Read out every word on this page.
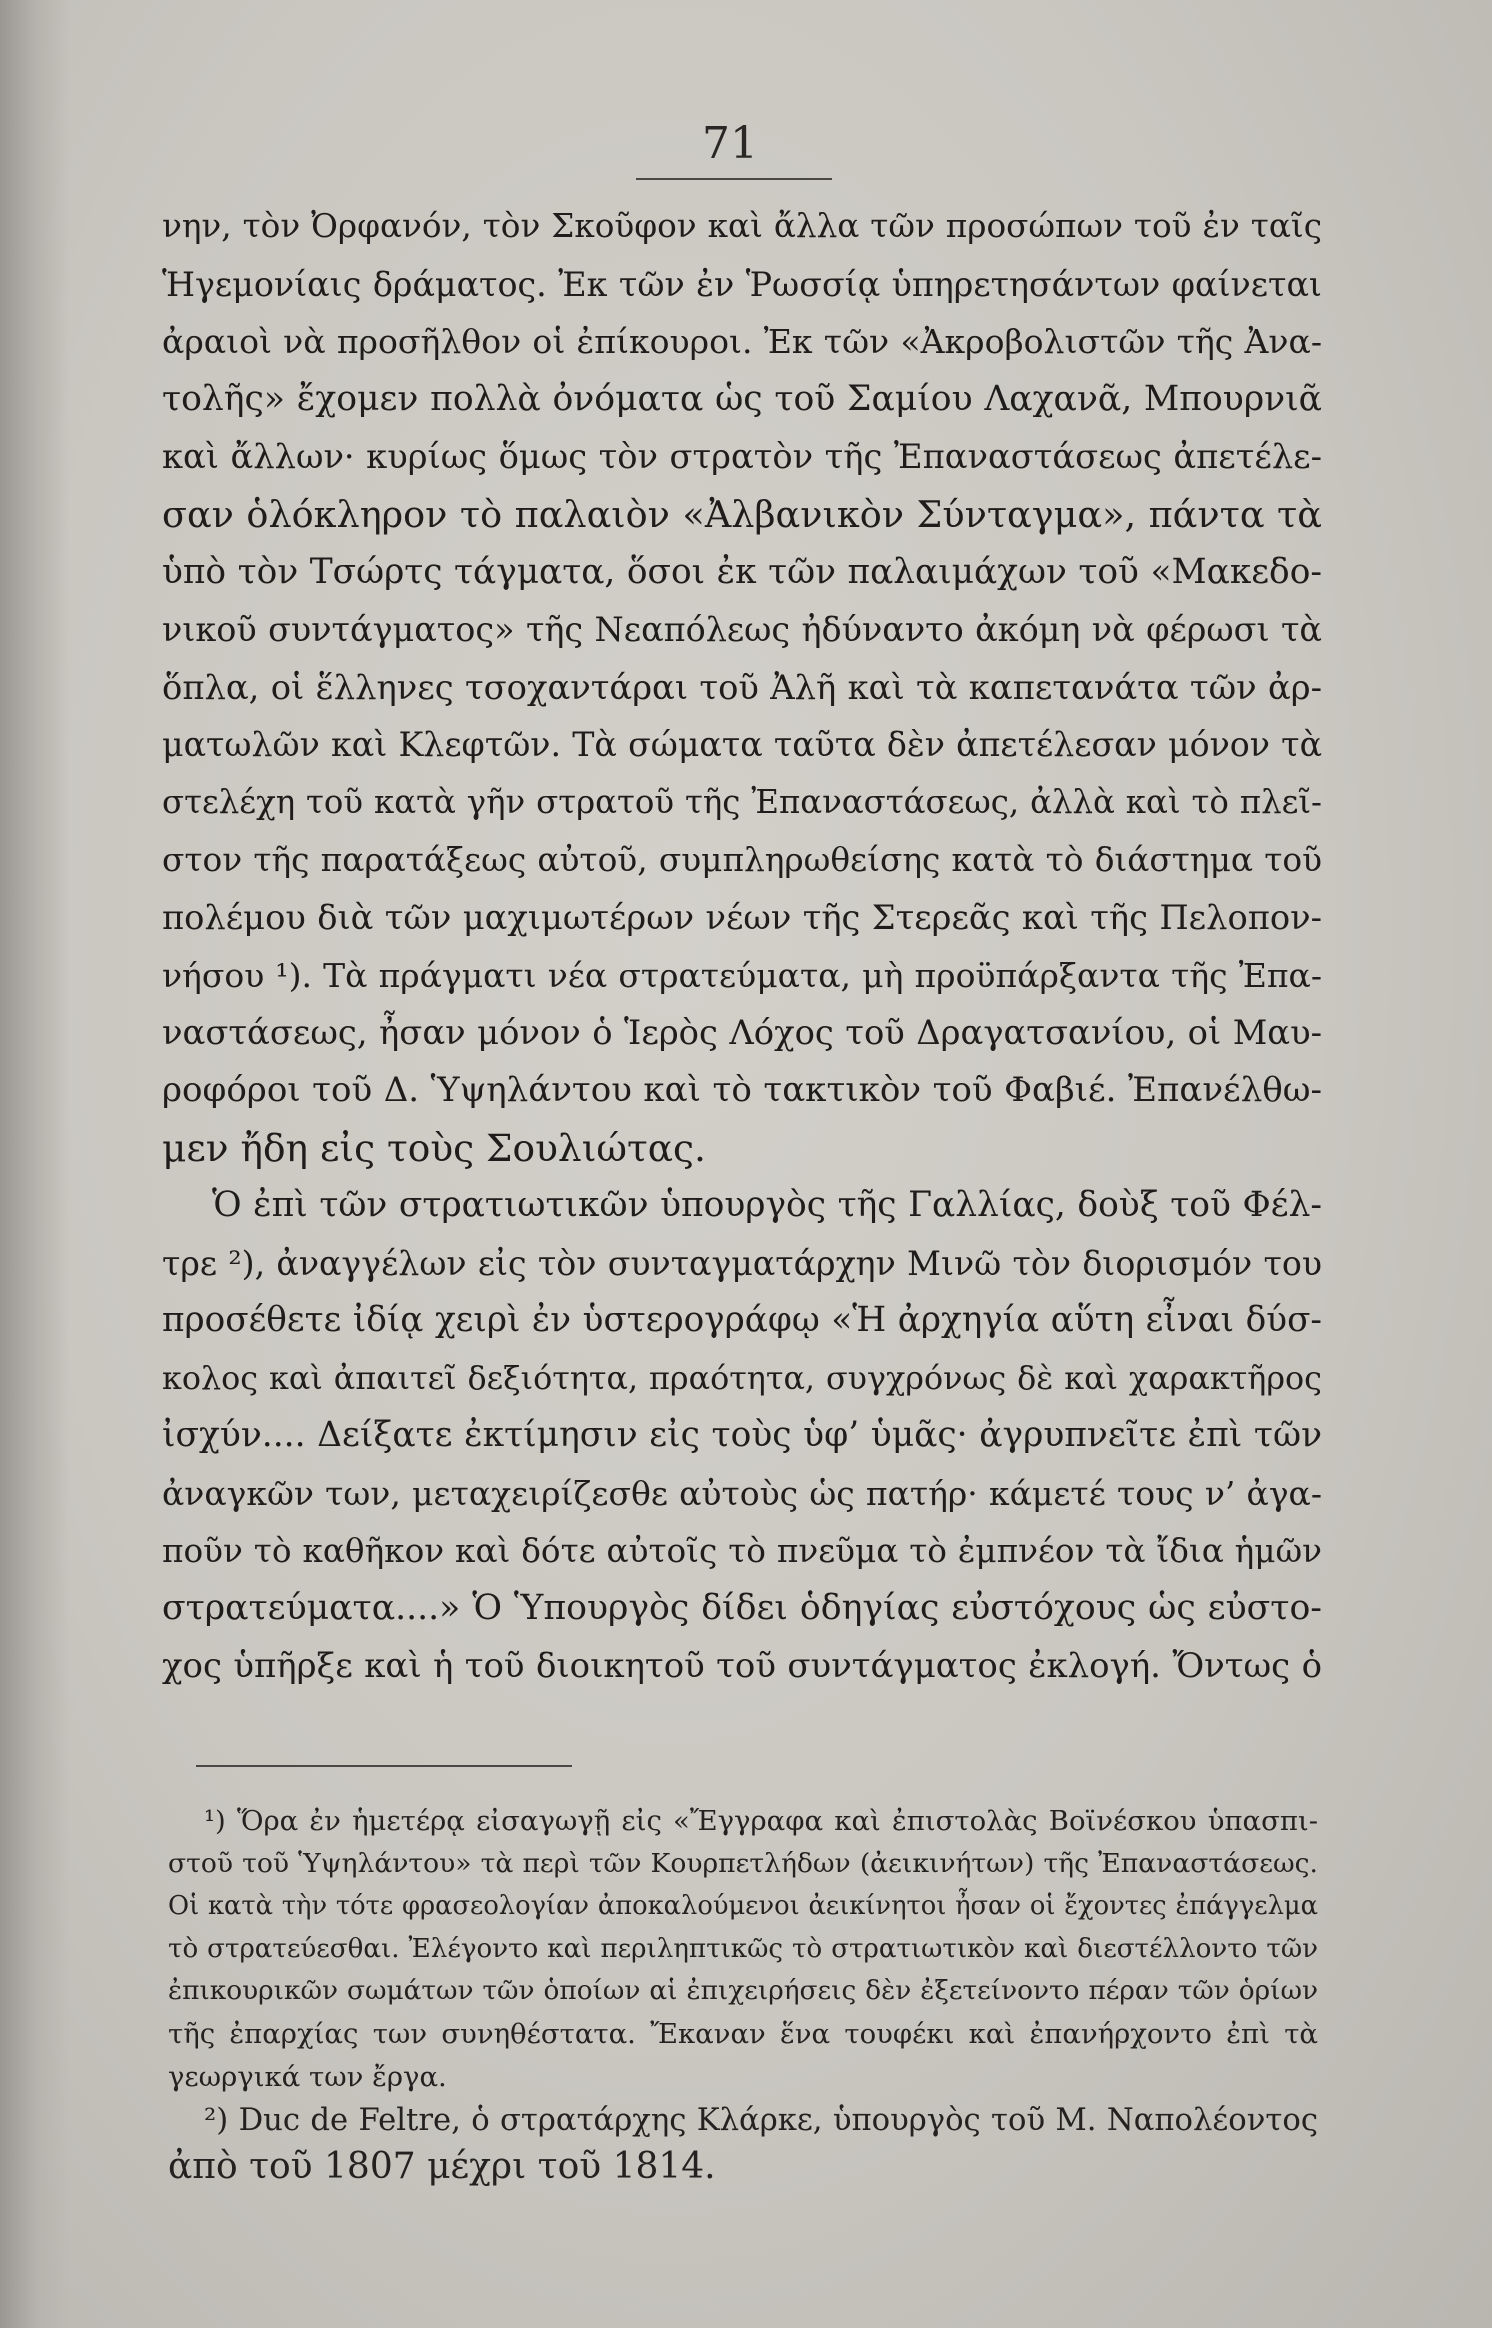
71
νην, τὸν Ὀρφανόν, τὸν Σκοῦφον καὶ ἄλλα τῶν προσώπων τοῦ ἐν ταῖς
Ἡγεμονίαις δράματος. Ἐκ τῶν ἐν Ῥωσσίᾳ ὑπηρετησάντων φαίνεται
ἀραιοὶ νὰ προσῆλθον οἱ ἐπίκουροι. Ἐκ τῶν «Ἀκροβολιστῶν τῆς Ἀνα-
τολῆς» ἔχομεν πολλὰ ὀνόματα ὡς τοῦ Σαμίου Λαχανᾶ, Μπουρνιᾶ
καὶ ἄλλων· κυρίως ὅμως τὸν στρατὸν τῆς Ἐπαναστάσεως ἀπετέλε-
σαν ὁλόκληρον τὸ παλαιὸν «Ἀλβανικὸν Σύνταγμα», πάντα τὰ
ὑπὸ τὸν Τσώρτς τάγματα, ὅσοι ἐκ τῶν παλαιμάχων τοῦ «Μακεδο-
νικοῦ συντάγματος» τῆς Νεαπόλεως ἠδύναντο ἀκόμη νὰ φέρωσι τὰ
ὅπλα, οἱ ἕλληνες τσοχαντάραι τοῦ Ἀλῆ καὶ τὰ καπετανάτα τῶν ἀρ-
ματωλῶν καὶ Κλεφτῶν. Τὰ σώματα ταῦτα δὲν ἀπετέλεσαν μόνον τὰ
στελέχη τοῦ κατὰ γῆν στρατοῦ τῆς Ἐπαναστάσεως, ἀλλὰ καὶ τὸ πλεῖ-
στον τῆς παρατάξεως αὐτοῦ, συμπληρωθείσης κατὰ τὸ διάστημα τοῦ
πολέμου διὰ τῶν μαχιμωτέρων νέων τῆς Στερεᾶς καὶ τῆς Πελοπον-
νήσου ¹). Τὰ πράγματι νέα στρατεύματα, μὴ προϋπάρξαντα τῆς Ἐπα-
ναστάσεως, ἦσαν μόνον ὁ Ἱερὸς Λόχος τοῦ Δραγατσανίου, οἱ Μαυ-
ροφόροι τοῦ Δ. Ὑψηλάντου καὶ τὸ τακτικὸν τοῦ Φαβιέ. Ἐπανέλθω-
μεν ἤδη εἰς τοὺς Σουλιώτας.
Ὁ ἐπὶ τῶν στρατιωτικῶν ὑπουργὸς τῆς Γαλλίας, δοὺξ τοῦ Φέλ-
τρε ²), ἀναγγέλων εἰς τὸν συνταγματάρχην Μινῶ τὸν διορισμόν του
προσέθετε ἰδίᾳ χειρὶ ἐν ὑστερογράφῳ «Ἡ ἀρχηγία αὕτη εἶναι δύσ-
κολος καὶ ἀπαιτεῖ δεξιότητα, πραότητα, συγχρόνως δὲ καὶ χαρακτῆρος
ἰσχύν.... Δείξατε ἐκτίμησιν εἰς τοὺς ὑφ’ ὑμᾶς· ἀγρυπνεῖτε ἐπὶ τῶν
ἀναγκῶν των, μεταχειρίζεσθε αὐτοὺς ὡς πατήρ· κάμετέ τους ν’ ἀγα-
ποῦν τὸ καθῆκον καὶ δότε αὐτοῖς τὸ πνεῦμα τὸ ἐμπνέον τὰ ἴδια ἡμῶν
στρατεύματα....» Ὁ Ὑπουργὸς δίδει ὁδηγίας εὐστόχους ὡς εὐστο-
χος ὑπῆρξε καὶ ἡ τοῦ διοικητοῦ τοῦ συντάγματος ἐκλογή. Ὄντως ὁ
¹) Ὅρα ἐν ἡμετέρᾳ εἰσαγωγῇ εἰς «Ἔγγραφα καὶ ἐπιστολὰς Βοϊνέσκου ὑπασπι-
στοῦ τοῦ Ὑψηλάντου» τὰ περὶ τῶν Κουρπετλήδων (ἀεικινήτων) τῆς Ἐπαναστάσεως.
Οἱ κατὰ τὴν τότε φρασεολογίαν ἀποκαλούμενοι ἀεικίνητοι ἦσαν οἱ ἔχοντες ἐπάγγελμα
τὸ στρατεύεσθαι. Ἐλέγοντο καὶ περιληπτικῶς τὸ στρατιωτικὸν καὶ διεστέλλοντο τῶν
ἐπικουρικῶν σωμάτων τῶν ὁποίων αἱ ἐπιχειρήσεις δὲν ἐξετείνοντο πέραν τῶν ὁρίων
τῆς ἐπαρχίας των συνηθέστατα. Ἔκαναν ἕνα τουφέκι καὶ ἐπανήρχοντο ἐπὶ τὰ
γεωργικά των ἔργα.
²) Duc de Feltre, ὁ στρατάρχης Κλάρκε, ὑπουργὸς τοῦ Μ. Ναπολέοντος
ἀπὸ τοῦ 1807 μέχρι τοῦ 1814.
